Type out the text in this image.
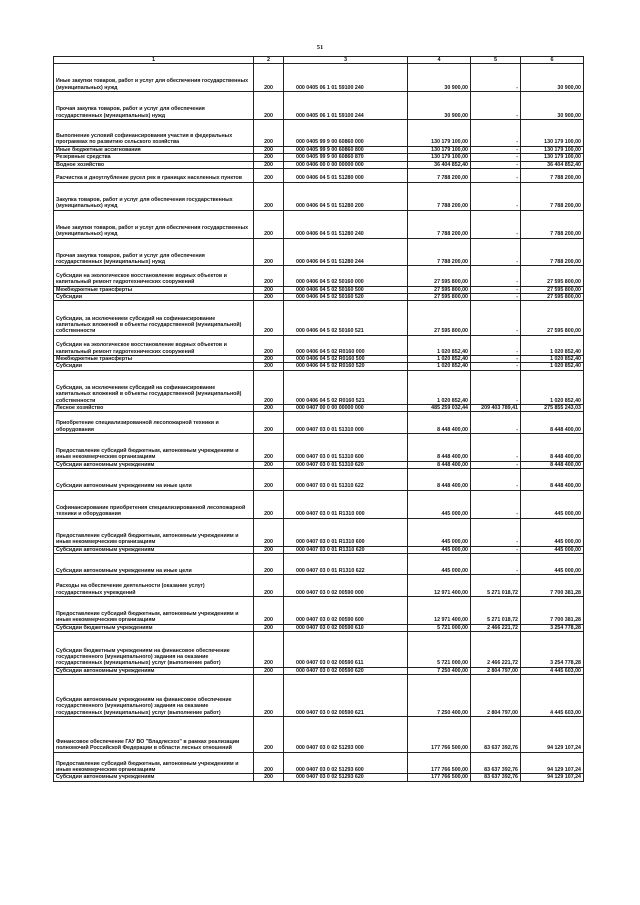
51
1	2	3	4	5	6
Иные закупки товаров, работ и услуг для обеспечения государственных (муниципальных) нужд	200	000 0405 06 1 01 59100 240	30 900,00	-	30 900,00
Прочая закупка товаров, работ и услуг для обеспечения государственных (муниципальных) нужд	200	000 0405 06 1 01 59100 244	30 900,00	-	30 900,00
Выполнение условий софинансирования участия в федеральных программах по развитию сельского хозяйства	200	000 0405 99 9 00 60860 000	130 179 100,00	-	130 179 100,00
Иные бюджетные ассигнования	200	000 0405 99 9 00 60860 800	130 179 100,00	-	130 179 100,00
Резервные средства	200	000 0405 99 9 00 60860 870	130 179 100,00	-	130 179 100,00
Водное хозяйство	200	000 0406 00 0 00 00000 000	36 404 852,40	-	36 404 852,40
Расчистка и дноуглубление русел рек в границах населенных пунктов	200	000 0406 04 5 01 51280 000	7 788 200,00	-	7 788 200,00
Закупка товаров, работ и услуг для обеспечения государственных (муниципальных) нужд	200	000 0406 04 5 01 51280 200	7 788 200,00	-	7 788 200,00
Иные закупки товаров, работ и услуг для обеспечения государственных (муниципальных) нужд	200	000 0406 04 5 01 51280 240	7 788 200,00	-	7 788 200,00
Прочая закупка товаров, работ и услуг для обеспечения государственных (муниципальных) нужд	200	000 0406 04 5 01 51280 244	7 788 200,00	-	7 788 200,00
Субсидии на экологическое восстановление водных объектов и капитальный ремонт гидротехнических сооружений	200	000 0406 04 5 02 50160 000	27 595 800,00	-	27 595 800,00
Межбюджетные трансферты	200	000 0406 04 5 02 50160 500	27 595 800,00	-	27 595 800,00
Субсидии	200	000 0406 04 5 02 50160 520	27 595 800,00	-	27 595 800,00
Субсидии, за исключением субсидий на софинансирование капитальных вложений в объекты государственной (муниципальной) собственности	200	000 0406 04 5 02 50160 521	27 595 800,00	-	27 595 800,00
Субсидии на экологическое восстановление водных объектов и капитальный ремонт гидротехнических сооружений	200	000 0406 04 5 02 R0160 000	1 020 852,40	-	1 020 852,40
Межбюджетные трансферты	200	000 0406 04 5 02 R0160 500	1 020 852,40	-	1 020 852,40
Субсидии	200	000 0406 04 5 02 R0160 520	1 020 852,40	-	1 020 852,40
Субсидии, за исключением субсидий на софинансирование капитальных вложений в объекты государственной (муниципальной) собственности	200	000 0406 04 5 02 R0160 521	1 020 852,40	-	1 020 852,40
Лесное хозяйство	200	000 0407 00 0 00 00000 000	485 259 032,44	209 403 789,41	275 855 243,03
Приобретение специализированной лесопожарной техники и оборудования	200	000 0407 03 0 01 51310 000	8 448 400,00	-	8 448 400,00
Предоставление субсидий бюджетным, автономным учреждениям и иным некоммерческим организациям	200	000 0407 03 0 01 51310 600	8 448 400,00	-	8 448 400,00
Субсидии автономным учреждениям	200	000 0407 03 0 01 51310 620	8 448 400,00	-	8 448 400,00
Субсидии автономным учреждениям на иные цели	200	000 0407 03 0 01 51310 622	8 448 400,00	-	8 448 400,00
Софинансирование приобретения специализированной лесопожарной техники и оборудования	200	000 0407 03 0 01 R1310 000	445 000,00	-	445 000,00
Предоставление субсидий бюджетным, автономным учреждениям и иным некоммерческим организациям	200	000 0407 03 0 01 R1310 600	445 000,00	-	445 000,00
Субсидии автономным учреждениям	200	000 0407 03 0 01 R1310 620	445 000,00	-	445 000,00
Субсидии автономным учреждениям на иные цели	200	000 0407 03 0 01 R1310 622	445 000,00	-	445 000,00
Расходы на обеспечение деятельности (оказание услуг) государственных учреждений	200	000 0407 03 0 02 00590 000	12 971 400,00	5 271 018,72	7 700 381,28
Предоставление субсидий бюджетным, автономным учреждениям и иным некоммерческим организациям	200	000 0407 03 0 02 00590 600	12 971 400,00	5 271 018,72	7 700 381,28
Субсидии бюджетным учреждениям	200	000 0407 03 0 02 00590 610	5 721 000,00	2 466 221,72	3 254 778,28
Субсидии бюджетным учреждениям на финансовое обеспечение государственного (муниципального) задания на оказание государственных (муниципальных) услуг (выполнение работ)	200	000 0407 03 0 02 00590 611	5 721 000,00	2 466 221,72	3 254 778,28
Субсидии автономным учреждениям	200	000 0407 03 0 02 00590 620	7 250 400,00	2 804 797,00	4 445 603,00
Субсидии автономным учреждениям на финансовое обеспечение государственного (муниципального) задания на оказание государственных (муниципальных) услуг (выполнение работ)	200	000 0407 03 0 02 00590 621	7 250 400,00	2 804 797,00	4 445 603,00
Финансовое обеспечение ГАУ ВО "Владлесхоз" в рамках реализации полномочий Российской Федерации в области лесных отношений	200	000 0407 03 0 02 51293 000	177 766 500,00	83 637 392,76	94 129 107,24
Предоставление субсидий бюджетным, автономным учреждениям и иным некоммерческим организациям	200	000 0407 03 0 02 51293 600	177 766 500,00	83 637 392,76	94 129 107,24
Субсидии автономным учреждениям	200	000 0407 03 0 02 51293 620	177 766 500,00	83 637 392,76	94 129 107,24
